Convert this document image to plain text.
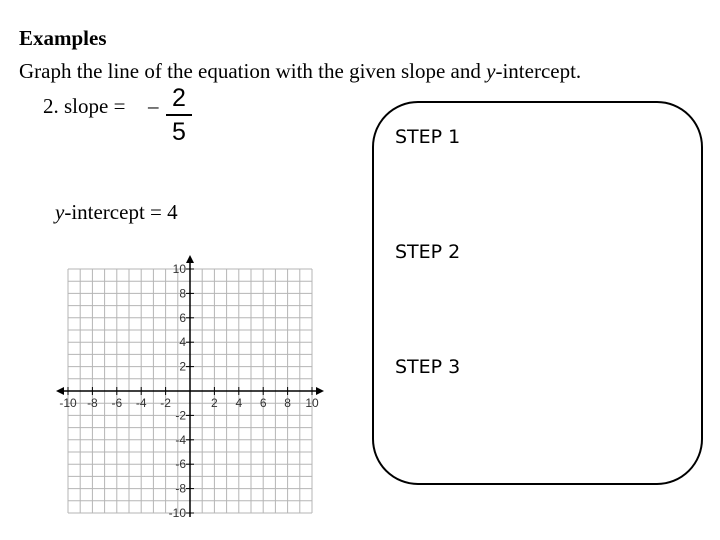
Examples
Graph the line of the equation with the given slope and y-intercept.
2. slope = – 2
5
y-intercept = 4
STEP 1
STEP 2
STEP 3
-10 -8 -6 -4 -2	2 4 6 8 10
10
8
6
4
2
-2
-4
-6
-8
-10
